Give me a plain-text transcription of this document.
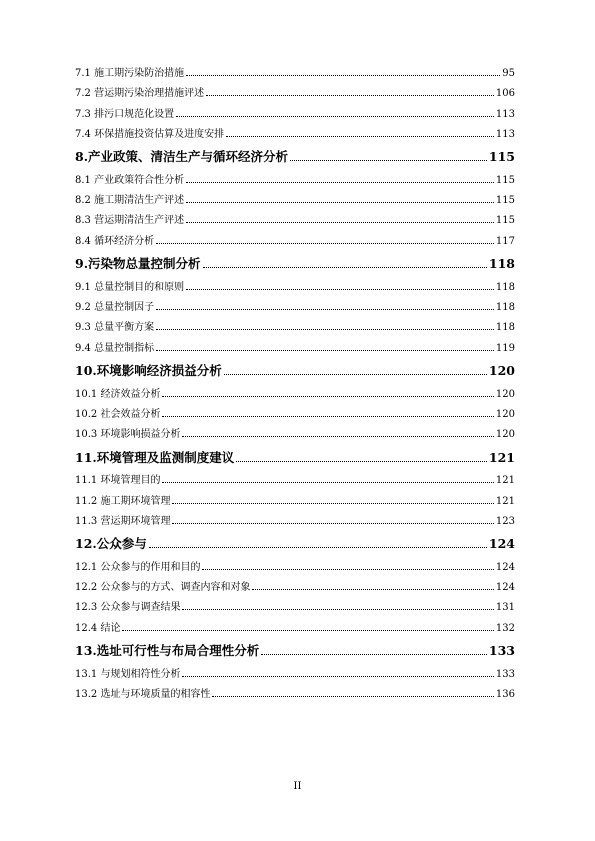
7.1 施工期污染防治措施	95
7.2 营运期污染治理措施评述	106
7.3 排污口规范化设置	113
7.4 环保措施投资估算及进度安排	113
8.产业政策、清洁生产与循环经济分析	115
8.1 产业政策符合性分析	115
8.2 施工期清洁生产评述	115
8.3 营运期清洁生产评述	115
8.4 循环经济分析	117
9.污染物总量控制分析	118
9.1 总量控制目的和原则	118
9.2 总量控制因子	118
9.3 总量平衡方案	118
9.4 总量控制指标	119
10.环境影响经济损益分析	120
10.1 经济效益分析	120
10.2 社会效益分析	120
10.3 环境影响损益分析	120
11.环境管理及监测制度建议	121
11.1 环境管理目的	121
11.2 施工期环境管理	121
11.3 营运期环境管理	123
12.公众参与	124
12.1 公众参与的作用和目的	124
12.2 公众参与的方式、调查内容和对象	124
12.3 公众参与调查结果	131
12.4 结论	132
13.选址可行性与布局合理性分析	133
13.1 与规划相符性分析	133
13.2 选址与环境质量的相容性	136
II
